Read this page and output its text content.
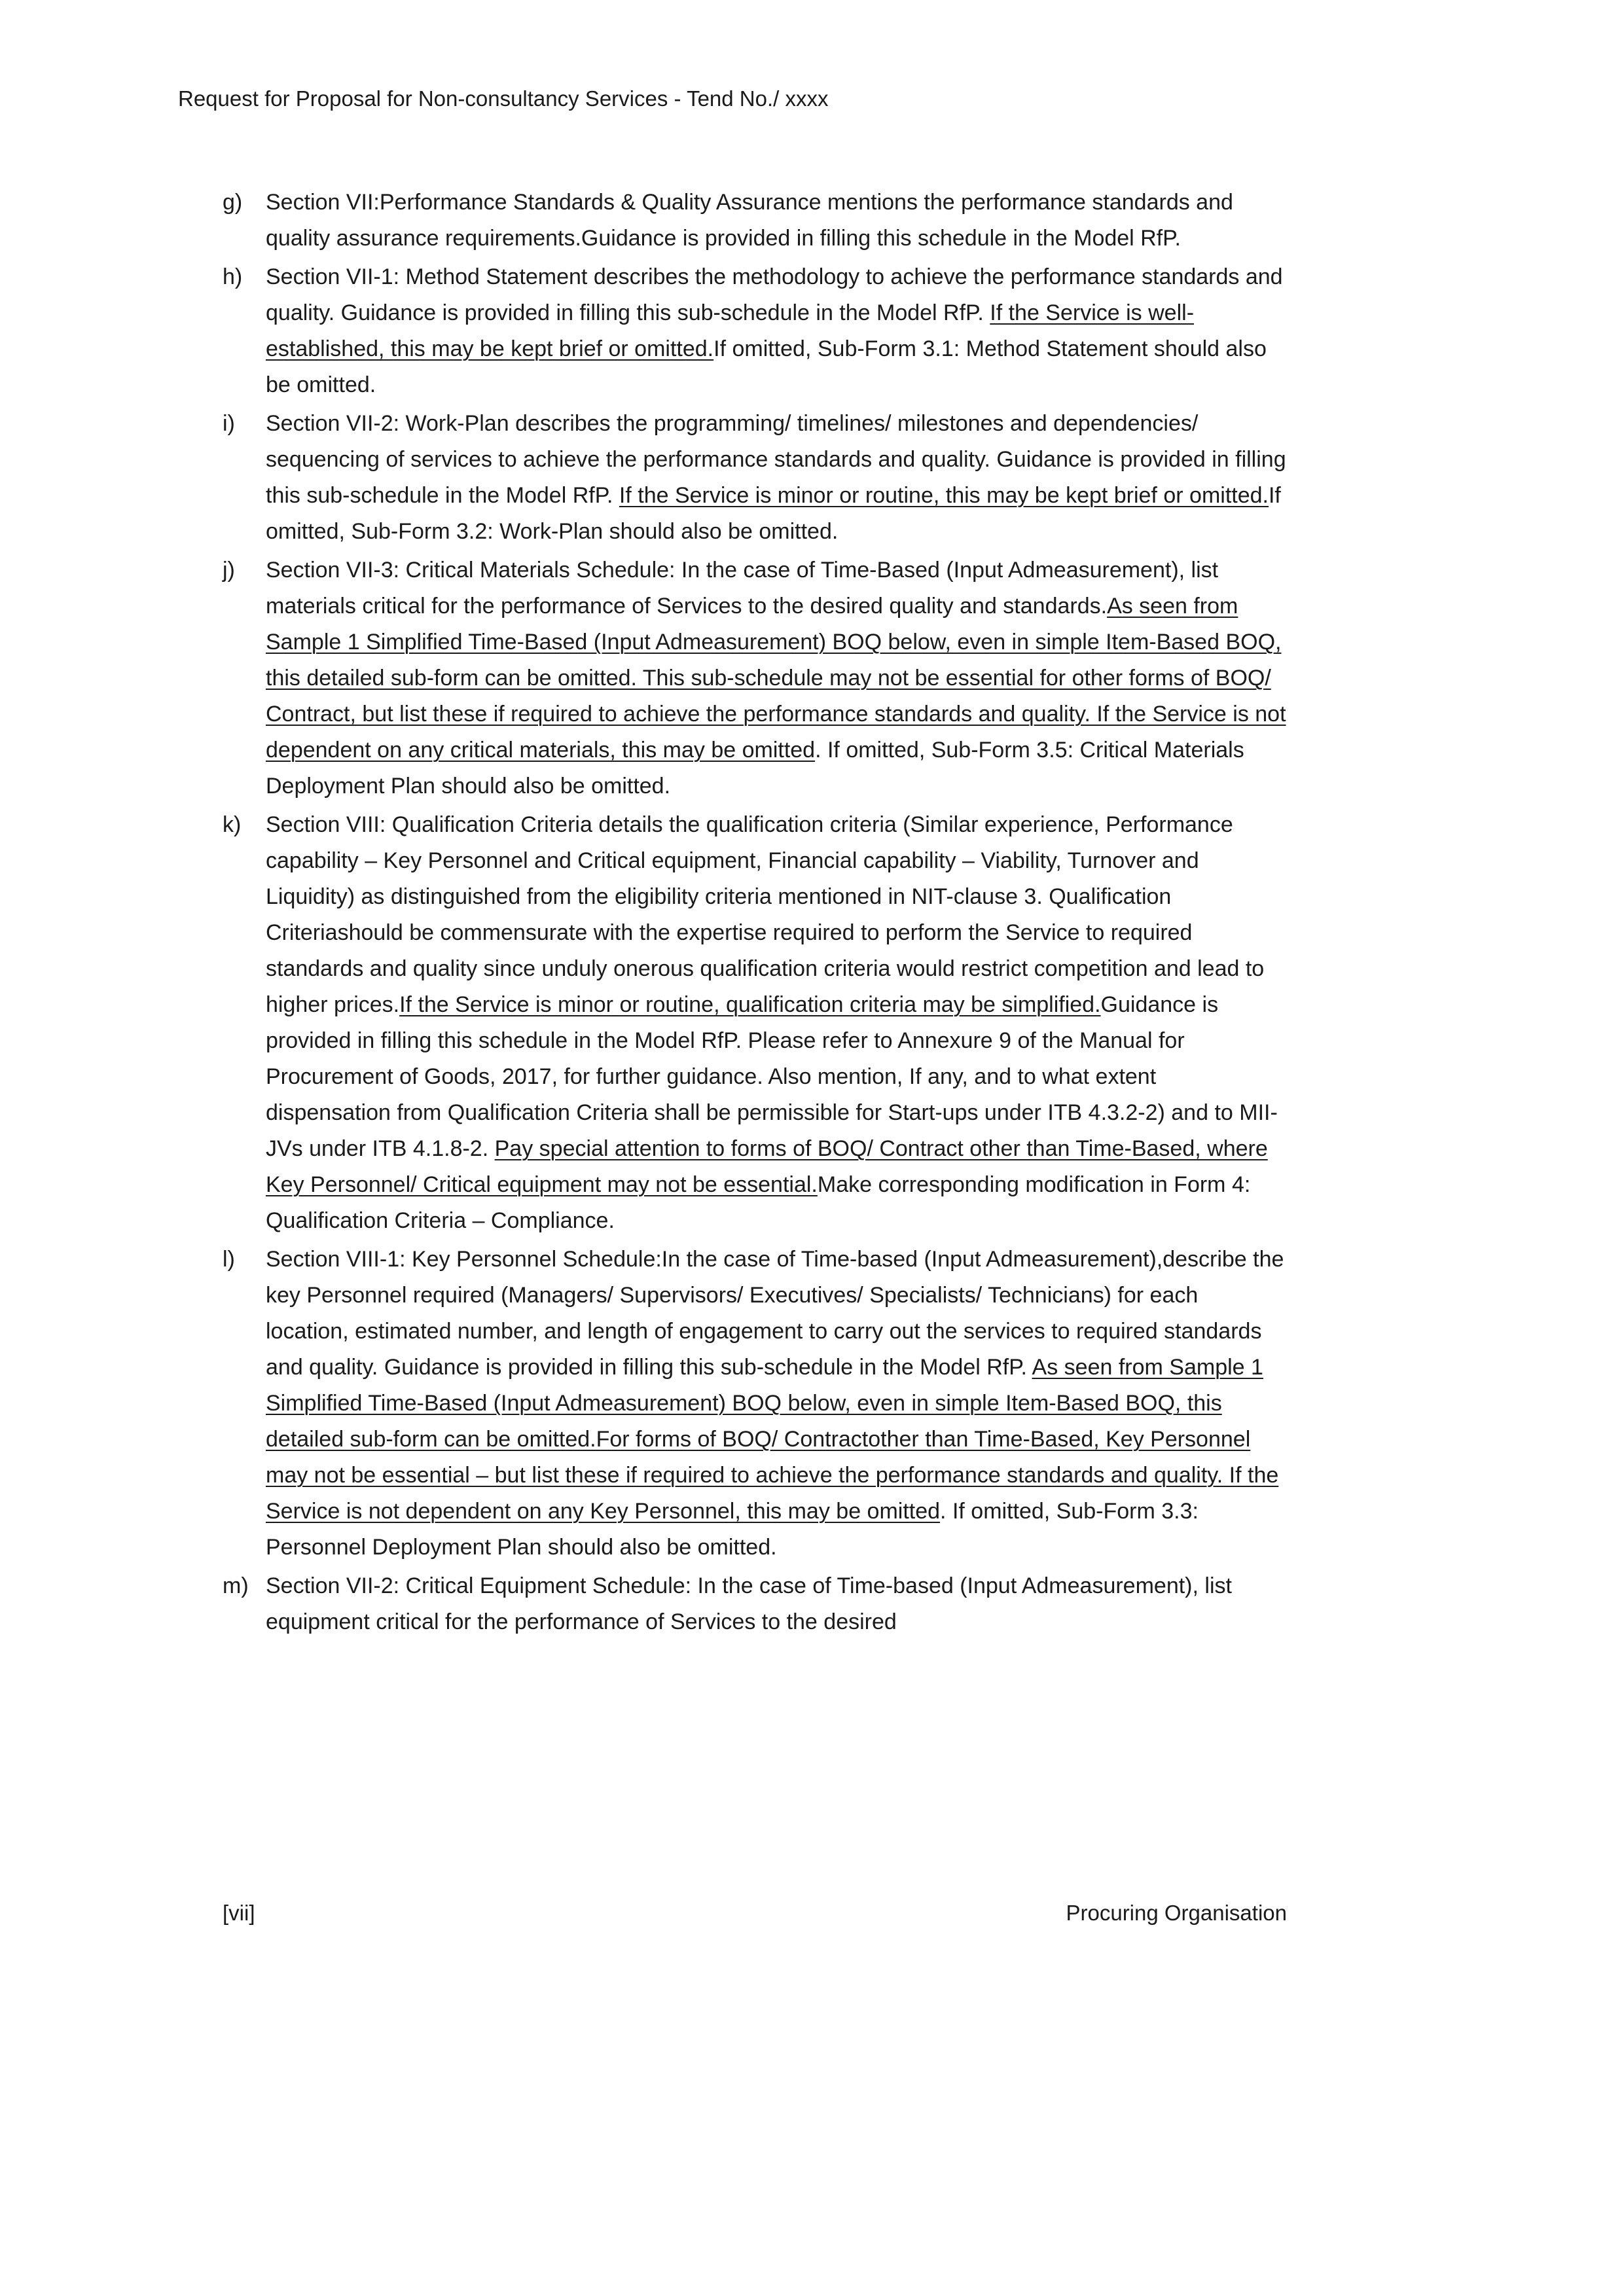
Request for Proposal for Non-consultancy Services - Tend No./ xxxx
g) Section VII:Performance Standards & Quality Assurance mentions the performance standards and quality assurance requirements.Guidance is provided in filling this schedule in the Model RfP.
h) Section VII-1: Method Statement describes the methodology to achieve the performance standards and quality. Guidance is provided in filling this sub-schedule in the Model RfP. If the Service is well-established, this may be kept brief or omitted.If omitted, Sub-Form 3.1: Method Statement should also be omitted.
i) Section VII-2: Work-Plan describes the programming/ timelines/ milestones and dependencies/ sequencing of services to achieve the performance standards and quality. Guidance is provided in filling this sub-schedule in the Model RfP. If the Service is minor or routine, this may be kept brief or omitted.If omitted, Sub-Form 3.2: Work-Plan should also be omitted.
j) Section VII-3: Critical Materials Schedule: In the case of Time-Based (Input Admeasurement), list materials critical for the performance of Services to the desired quality and standards.As seen from Sample 1 Simplified Time-Based (Input Admeasurement) BOQ below, even in simple Item-Based BOQ, this detailed sub-form can be omitted. This sub-schedule may not be essential for other forms of BOQ/ Contract, but list these if required to achieve the performance standards and quality. If the Service is not dependent on any critical materials, this may be omitted. If omitted, Sub-Form 3.5: Critical Materials Deployment Plan should also be omitted.
k) Section VIII: Qualification Criteria details the qualification criteria (Similar experience, Performance capability – Key Personnel and Critical equipment, Financial capability – Viability, Turnover and Liquidity) as distinguished from the eligibility criteria mentioned in NIT-clause 3. Qualification Criteriashould be commensurate with the expertise required to perform the Service to required standards and quality since unduly onerous qualification criteria would restrict competition and lead to higher prices.If the Service is minor or routine, qualification criteria may be simplified.Guidance is provided in filling this schedule in the Model RfP. Please refer to Annexure 9 of the Manual for Procurement of Goods, 2017, for further guidance. Also mention, If any, and to what extent dispensation from Qualification Criteria shall be permissible for Start-ups under ITB 4.3.2-2) and to MII-JVs under ITB 4.1.8-2. Pay special attention to forms of BOQ/ Contract other than Time-Based, where Key Personnel/ Critical equipment may not be essential.Make corresponding modification in Form 4: Qualification Criteria – Compliance.
l) Section VIII-1: Key Personnel Schedule:In the case of Time-based (Input Admeasurement),describe the key Personnel required (Managers/ Supervisors/ Executives/ Specialists/ Technicians) for each location, estimated number, and length of engagement to carry out the services to required standards and quality. Guidance is provided in filling this sub-schedule in the Model RfP. As seen from Sample 1 Simplified Time-Based (Input Admeasurement) BOQ below, even in simple Item-Based BOQ, this detailed sub-form can be omitted.For forms of BOQ/ Contractother than Time-Based, Key Personnel may not be essential – but list these if required to achieve the performance standards and quality. If the Service is not dependent on any Key Personnel, this may be omitted. If omitted, Sub-Form 3.3: Personnel Deployment Plan should also be omitted.
m) Section VII-2: Critical Equipment Schedule: In the case of Time-based (Input Admeasurement), list equipment critical for the performance of Services to the desired
[vii]	Procuring Organisation
